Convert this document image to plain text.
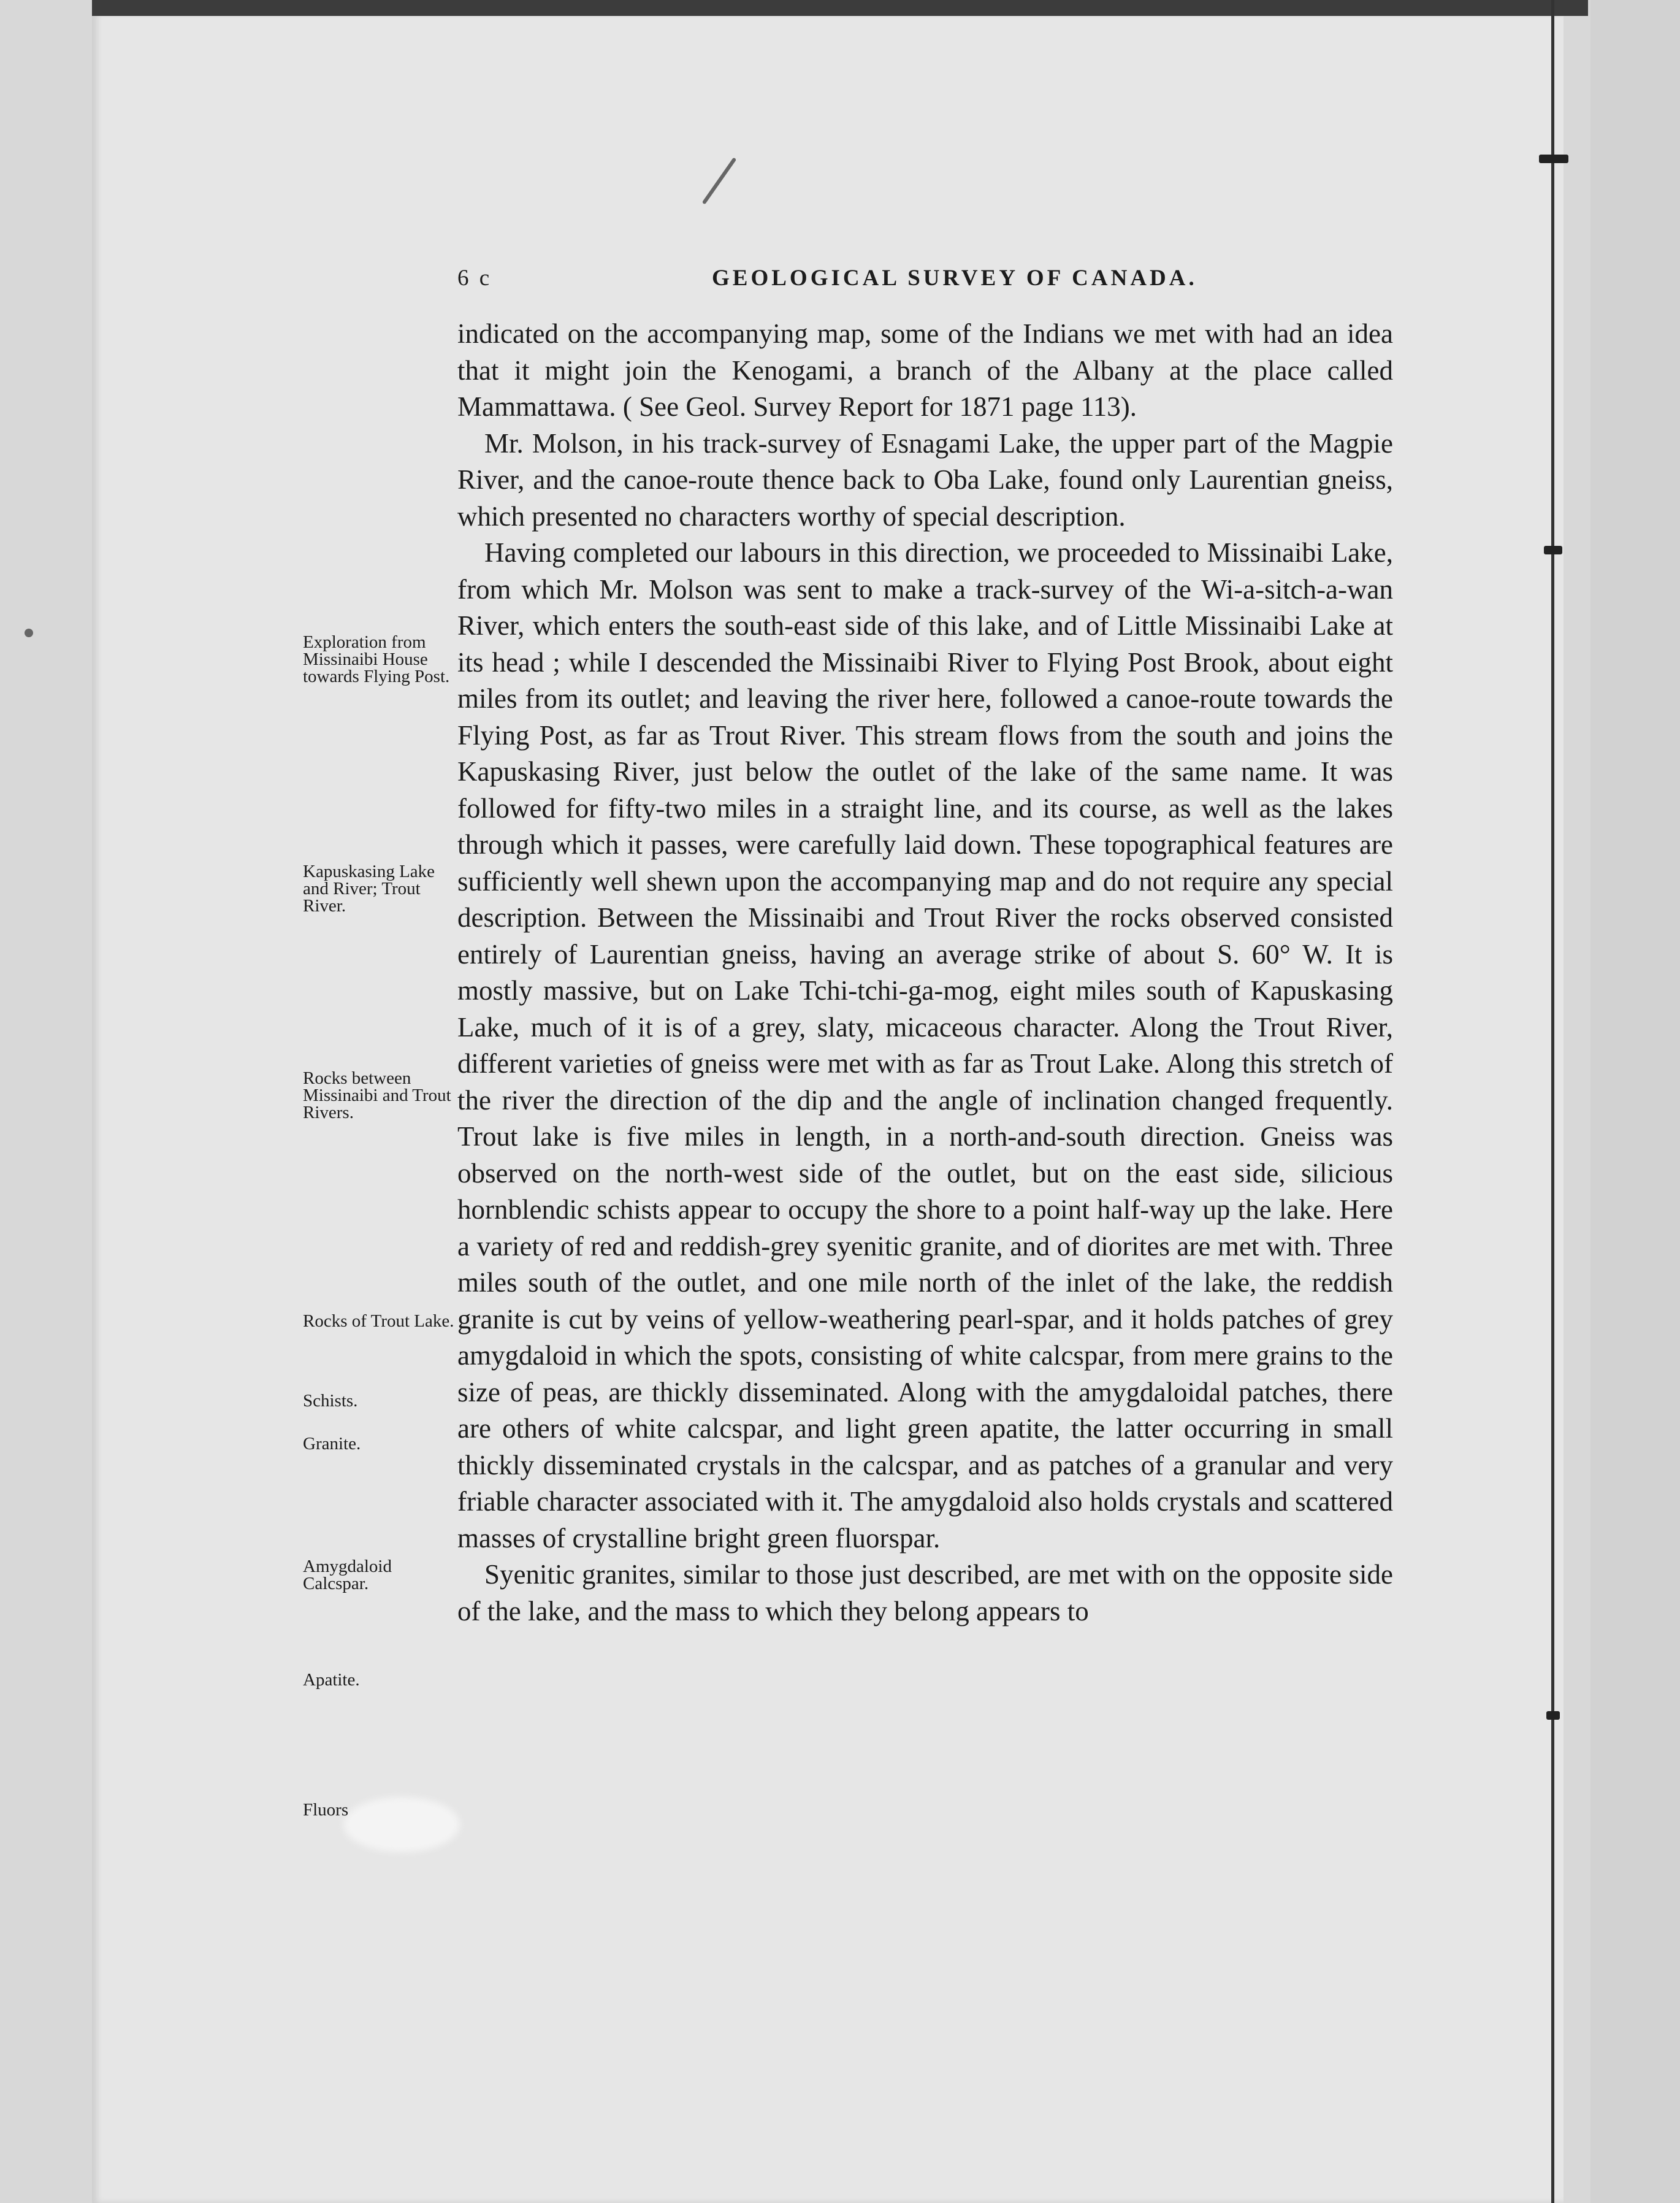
6 c	GEOLOGICAL SURVEY OF CANADA.

indicated on the accompanying map, some of the Indians we met with had an idea that it might join the Kenogami, a branch of the Albany at the place called Mammattawa. ( See Geol. Survey Report for 1871 page 113).

Mr. Molson, in his track-survey of Esnagami Lake, the upper part of the Magpie River, and the canoe-route thence back to Oba Lake, found only Laurentian gneiss, which presented no characters worthy of special description.

Having completed our labours in this direction, we proceeded to Missinaibi Lake, from which Mr. Molson was sent to make a track-survey of the Wi-a-sitch-a-wan River, which enters the south-east side of this lake, and of Little Missinaibi Lake at its head ; while I descended the Missinaibi River to Flying Post Brook, about eight miles from its outlet; and leaving the river here, followed a canoe-route towards the Flying Post, as far as Trout River. This stream flows from the south and joins the Kapuskasing River, just below the outlet of the lake of the same name. It was followed for fifty-two miles in a straight line, and its course, as well as the lakes through which it passes, were carefully laid down. These topographical features are sufficiently well shewn upon the accompanying map and do not require any special description. Between the Missinaibi and Trout River the rocks observed consisted entirely of Laurentian gneiss, having an average strike of about S. 60° W. It is mostly massive, but on Lake Tchi-tchi-ga-mog, eight miles south of Kapuskasing Lake, much of it is of a grey, slaty, micaceous character. Along the Trout River, different varieties of gneiss were met with as far as Trout Lake. Along this stretch of the river the direction of the dip and the angle of inclination changed frequently. Trout lake is five miles in length, in a north-and-south direction. Gneiss was observed on the north-west side of the outlet, but on the east side, silicious hornblendic schists appear to occupy the shore to a point half-way up the lake. Here a variety of red and reddish-grey syenitic granite, and of diorites are met with. Three miles south of the outlet, and one mile north of the inlet of the lake, the reddish granite is cut by veins of yellow-weathering pearl-spar, and it holds patches of grey amygdaloid in which the spots, consisting of white calcspar, from mere grains to the size of peas, are thickly disseminated. Along with the amygdaloidal patches, there are others of white calcspar, and light green apatite, the latter occurring in small thickly disseminated crystals in the calcspar, and as patches of a granular and very friable character associated with it. The amygdaloid also holds crystals and scattered masses of crystalline bright green fluorspar.

Syenitic granites, similar to those just described, are met with on the opposite side of the lake, and the mass to which they belong appears to

Exploration from Missinaibi House towards Flying Post.
Kapuskasing Lake and River; Trout River.
Rocks between Missinaibi and Trout Rivers.
Rocks of Trout Lake.
Schists.
Granite.
Amygdaloid Calcspar.
Apatite.
Fluors
